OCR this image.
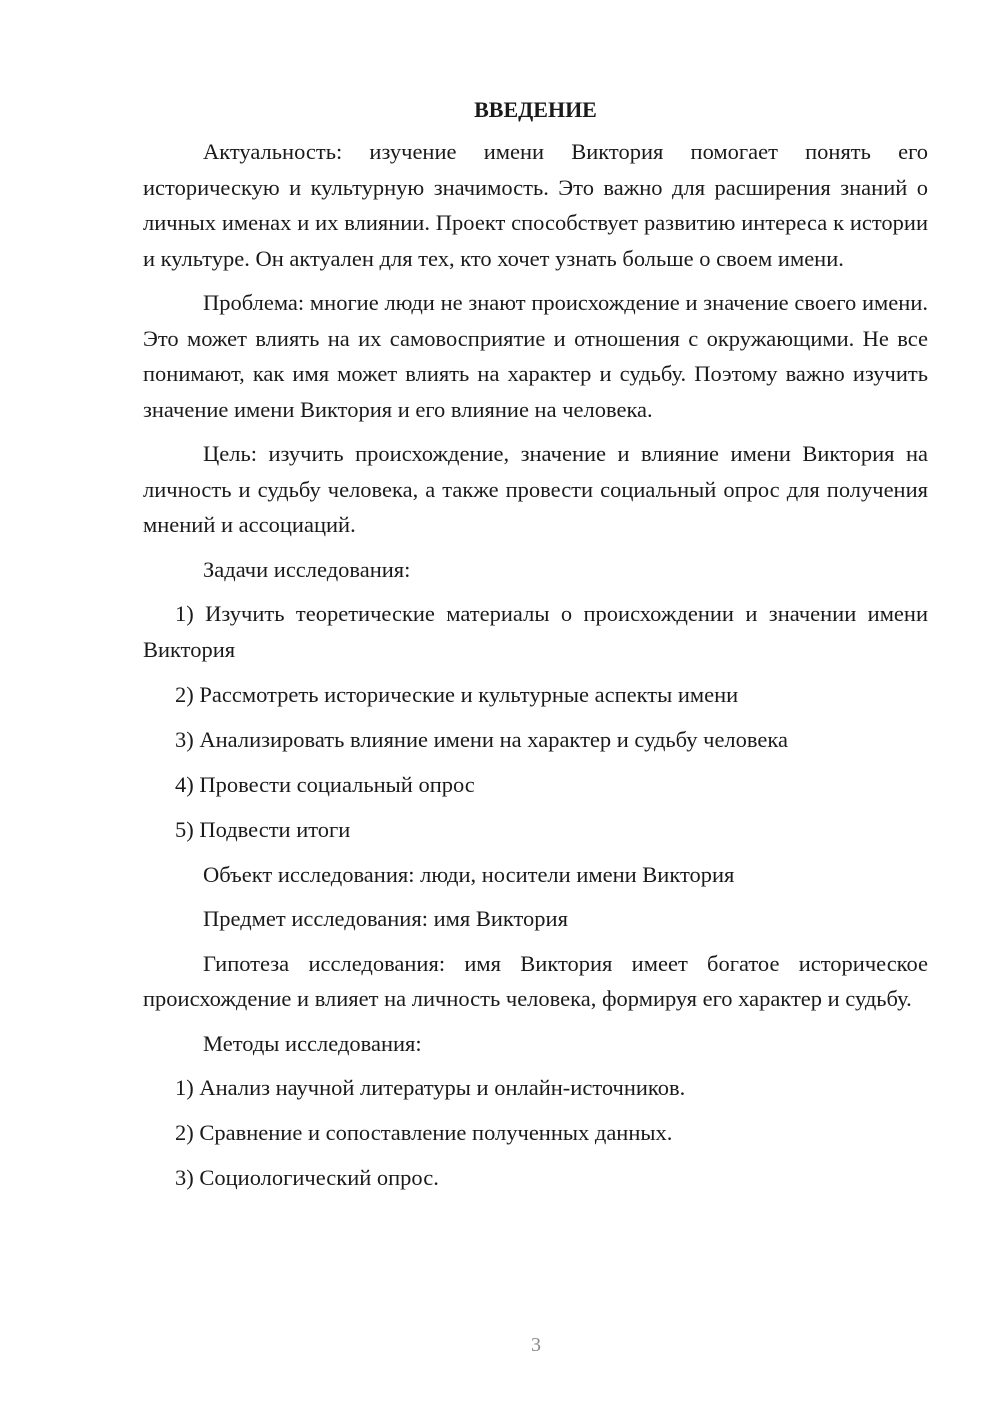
ВВЕДЕНИЕ

Актуальность: изучение имени Виктория помогает понять его историческую и культурную значимость. Это важно для расширения знаний о личных именах и их влиянии. Проект способствует развитию интереса к истории и культуре. Он актуален для тех, кто хочет узнать больше о своем имени.

Проблема: многие люди не знают происхождение и значение своего имени. Это может влиять на их самовосприятие и отношения с окружающими. Не все понимают, как имя может влиять на характер и судьбу. Поэтому важно изучить значение имени Виктория и его влияние на человека.

Цель: изучить происхождение, значение и влияние имени Виктория на личность и судьбу человека, а также провести социальный опрос для получения мнений и ассоциаций.

Задачи исследования:

1) Изучить теоретические материалы о происхождении и значении имени Виктория

2) Рассмотреть исторические и культурные аспекты имени

3) Анализировать влияние имени на характер и судьбу человека

4) Провести социальный опрос

5) Подвести итоги

Объект исследования: люди, носители имени Виктория

Предмет исследования: имя Виктория

Гипотеза исследования: имя Виктория имеет богатое историческое происхождение и влияет на личность человека, формируя его характер и судьбу.

Методы исследования:

1) Анализ научной литературы и онлайн-источников.

2) Сравнение и сопоставление полученных данных.

3) Социологический опрос.

3
